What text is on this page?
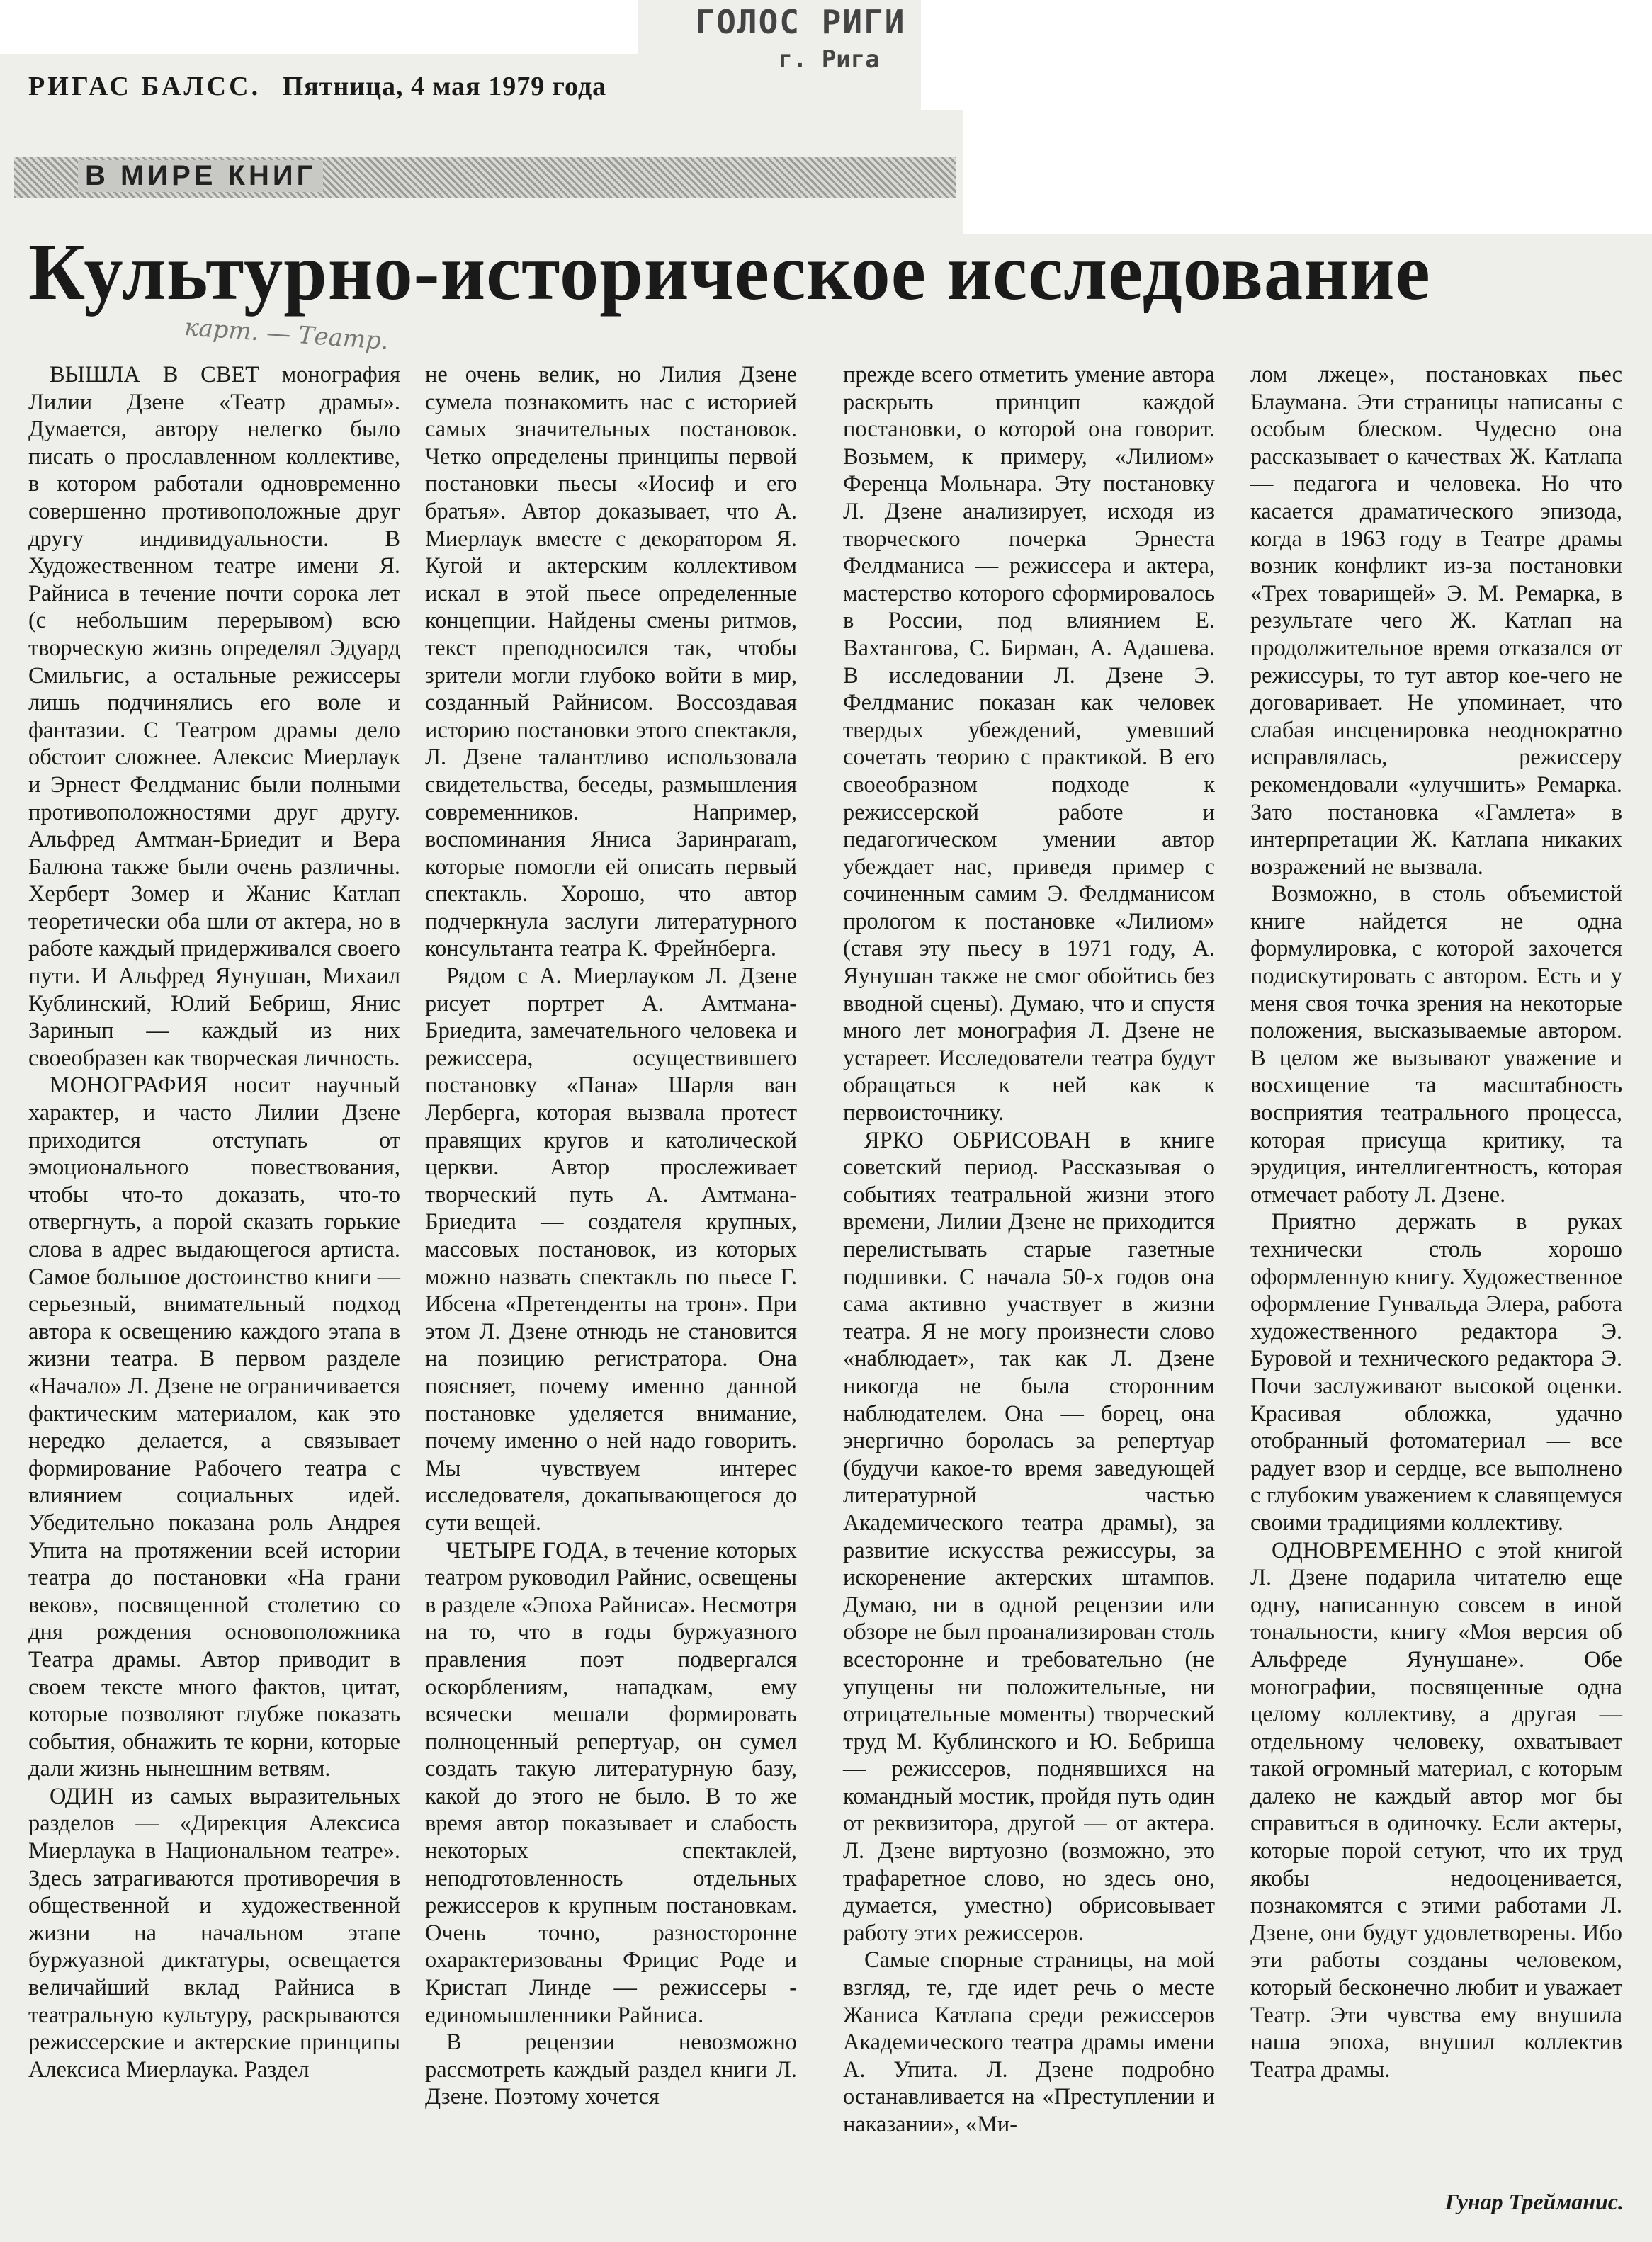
ГОЛОС РИГИ
г. Рига
РИГАС БАЛСС. Пятница, 4 мая 1979 года
В МИРЕ КНИГ
Культурно-историческое исследование
карт. — Театр.

ВЫШЛА В СВЕТ монография Лилии Дзене «Театр драмы». Думается, автору нелегко было писать о прославленном коллективе, в котором работали одновременно совершенно противоположные друг другу индивидуальности. В Художественном театре имени Я. Райниса в течение почти сорока лет (с небольшим перерывом) всю творческую жизнь определял Эдуард Смильгис, а остальные режиссеры лишь подчинялись его воле и фантазии. С Театром драмы дело обстоит сложнее. Алексис Миерлаук и Эрнест Фелдманис были полными противоположностями друг другу. Альфред Амтман-Бриедит и Вера Балюна также были очень различны. Херберт Зомер и Жанис Катлап теоретически оба шли от актера, но в работе каждый придерживался своего пути. И Альфред Яунушан, Михаил Кублинский, Юлий Бебриш, Янис Заринып — каждый из них своеобразен как творческая личность.

МОНОГРАФИЯ носит научный характер, и часто Лилии Дзене приходится отступать от эмоционального повествования, чтобы что-то доказать, что-то отвергнуть, а порой сказать горькие слова в адрес выдающегося артиста. Самое большое достоинство книги — серьезный, внимательный подход автора к освещению каждого этапа в жизни театра. В первом разделе «Начало» Л. Дзене не ограничивается фактическим материалом, как это нередко делается, а связывает формирование Рабочего театра с влиянием социальных идей. Убедительно показана роль Андрея Упита на протяжении всей истории театра до постановки «На грани веков», посвященной столетию со дня рождения основоположника Театра драмы. Автор приводит в своем тексте много фактов, цитат, которые позволяют глубже показать события, обнажить те корни, которые дали жизнь нынешним ветвям.

ОДИН из самых выразительных разделов — «Дирекция Алексиса Миерлаука в Национальном театре». Здесь затрагиваются противоречия в общественной и художественной жизни на начальном этапе буржуазной диктатуры, освещается величайший вклад Райниса в театральную культуру, раскрываются режиссерские и актерские принципы Алексиса Миерлаука. Раздел

не очень велик, но Лилия Дзене сумела познакомить нас с историей самых значительных постановок. Четко определены принципы первой постановки пьесы «Иосиф и его братья». Автор доказывает, что А. Миерлаук вместе с декоратором Я. Кугой и актерским коллективом искал в этой пьесе определенные концепции. Найдены смены ритмов, текст преподносился так, чтобы зрители могли глубоко войти в мир, созданный Райнисом. Воссоздавая историю постановки этого спектакля, Л. Дзене талантливо использовала свидетельства, беседы, размышления современников. Например, воспоминания Яниса Заринparam, которые помогли ей описать первый спектакль. Хорошо, что автор подчеркнула заслуги литературного консультанта театра К. Фрейнберга.

Рядом с А. Миерлауком Л. Дзене рисует портрет А. Амтмана-Бриедита, замечательного человека и режиссера, осуществившего постановку «Пана» Шарля ван Лерберга, которая вызвала протест правящих кругов и католической церкви. Автор прослеживает творческий путь А. Амтмана-Бриедита — создателя крупных, массовых постановок, из которых можно назвать спектакль по пьесе Г. Ибсена «Претенденты на трон». При этом Л. Дзене отнюдь не становится на позицию регистратора. Она поясняет, почему именно данной постановке уделяется внимание, почему именно о ней надо говорить. Мы чувствуем интерес исследователя, докапывающегося до сути вещей.

ЧЕТЫРЕ ГОДА, в течение которых театром руководил Райнис, освещены в разделе «Эпоха Райниса». Несмотря на то, что в годы буржуазного правления поэт подвергался оскорблениям, нападкам, ему всячески мешали формировать полноценный репертуар, он сумел создать такую литературную базу, какой до этого не было. В то же время автор показывает и слабость некоторых спектаклей, неподготовленность отдельных режиссеров к крупным постановкам. Очень точно, разносторонне охарактеризованы Фрицис Роде и Кристап Линде — режиссеры - единомышленники Райниса.

В рецензии невозможно рассмотреть каждый раздел книги Л. Дзене. Поэтому хочется

прежде всего отметить умение автора раскрыть принцип каждой постановки, о которой она говорит. Возьмем, к примеру, «Лилиом» Ференца Мольнара. Эту постановку Л. Дзене анализирует, исходя из творческого почерка Эрнеста Фелдманиса — режиссера и актера, мастерство которого сформировалось в России, под влиянием Е. Вахтангова, С. Бирман, А. Адашева. В исследовании Л. Дзене Э. Фелдманис показан как человек твердых убеждений, умевший сочетать теорию с практикой. В его своеобразном подходе к режиссерской работе и педагогическом умении автор убеждает нас, приведя пример с сочиненным самим Э. Фелдманисом прологом к постановке «Лилиом» (ставя эту пьесу в 1971 году, А. Яунушан также не смог обойтись без вводной сцены). Думаю, что и спустя много лет монография Л. Дзене не устареет. Исследователи театра будут обращаться к ней как к первоисточнику.

ЯРКО ОБРИСОВАН в книге советский период. Рассказывая о событиях театральной жизни этого времени, Лилии Дзене не приходится перелистывать старые газетные подшивки. С начала 50-х годов она сама активно участвует в жизни театра. Я не могу произнести слово «наблюдает», так как Л. Дзене никогда не была сторонним наблюдателем. Она — борец, она энергично боролась за репертуар (будучи какое-то время заведующей литературной частью Академического театра драмы), за развитие искусства режиссуры, за искоренение актерских штампов. Думаю, ни в одной рецензии или обзоре не был проанализирован столь всесторонне и требовательно (не упущены ни положительные, ни отрицательные моменты) творческий труд М. Кублинского и Ю. Бебриша — режиссеров, поднявшихся на командный мостик, пройдя путь один от реквизитора, другой — от актера. Л. Дзене виртуозно (возможно, это трафаретное слово, но здесь оно, думается, уместно) обрисовывает работу этих режиссеров.

Самые спорные страницы, на мой взгляд, те, где идет речь о месте Жаниса Катлапа среди режиссеров Академического театра драмы имени А. Упита. Л. Дзене подробно останавливается на «Преступлении и наказании», «Ми-

лом лжеце», постановках пьес Блаумана. Эти страницы написаны с особым блеском. Чудесно она рассказывает о качествах Ж. Катлапа — педагога и человека. Но что касается драматического эпизода, когда в 1963 году в Театре драмы возник конфликт из-за постановки «Трех товарищей» Э. М. Ремарка, в результате чего Ж. Катлап на продолжительное время отказался от режиссуры, то тут автор кое-чего не договаривает. Не упоминает, что слабая инсценировка неоднократно исправлялась, режиссеру рекомендовали «улучшить» Ремарка. Зато постановка «Гамлета» в интерпретации Ж. Катлапа никаких возражений не вызвала.

Возможно, в столь объемистой книге найдется не одна формулировка, с которой захочется подискутировать с автором. Есть и у меня своя точка зрения на некоторые положения, высказываемые автором. В целом же вызывают уважение и восхищение та масштабность восприятия театрального процесса, которая присуща критику, та эрудиция, интеллигентность, которая отмечает работу Л. Дзене.

Приятно держать в руках технически столь хорошо оформленную книгу. Художественное оформление Гунвальда Элера, работа художественного редактора Э. Буровой и технического редактора Э. Почи заслуживают высокой оценки. Красивая обложка, удачно отобранный фотоматериал — все радует взор и сердце, все выполнено с глубоким уважением к славящемуся своими традициями коллективу.

ОДНОВРЕМЕННО с этой книгой Л. Дзене подарила читателю еще одну, написанную совсем в иной тональности, книгу «Моя версия об Альфреде Яунушане». Обе монографии, посвященные одна целому коллективу, а другая — отдельному человеку, охватывает такой огромный материал, с которым далеко не каждый автор мог бы справиться в одиночку. Если актеры, которые порой сетуют, что их труд якобы недооценивается, познакомятся с этими работами Л. Дзене, они будут удовлетворены. Ибо эти работы созданы человеком, который бесконечно любит и уважает Театр. Эти чувства ему внушила наша эпоха, внушил коллектив Театра драмы.

Гунар Трейманис.
